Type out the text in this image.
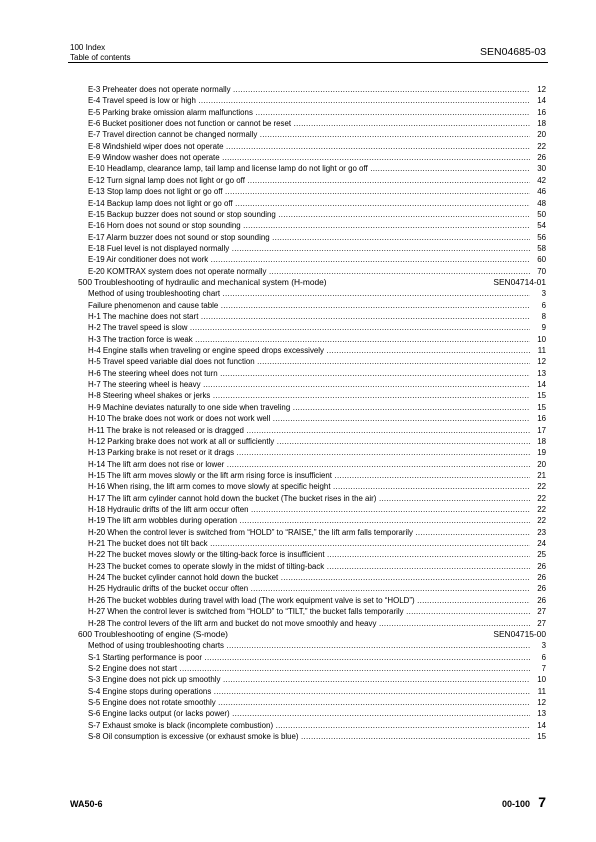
100 Index
Table of contents	SEN04685-03
E-3 Preheater does not operate normally .....	12
E-4 Travel speed is low or high .....	14
E-5 Parking brake omission alarm malfunctions .....	16
E-6 Bucket positioner does not function or cannot be reset .....	18
E-7 Travel direction cannot be changed normally .....	20
E-8 Windshield wiper does not operate .....	22
E-9 Window washer does not operate .....	26
E-10 Headlamp, clearance lamp, tail lamp and license lamp do not light or go off .....	30
E-12 Turn signal lamp does not light or go off .....	42
E-13 Stop lamp does not light or go off .....	46
E-14 Backup lamp does not light or go off .....	48
E-15 Backup buzzer does not sound or stop sounding .....	50
E-16 Horn does not sound or stop sounding .....	54
E-17 Alarm buzzer does not sound or stop sounding .....	56
E-18 Fuel level is not displayed normally .....	58
E-19 Air conditioner does not work .....	60
E-20 KOMTRAX system does not operate normally .....	70
500 Troubleshooting of hydraulic and mechanical system (H-mode)	SEN04714-01
Method of using troubleshooting chart .....	3
Failure phenomenon and cause table .....	6
H-1 The machine does not start .....	8
H-2 The travel speed is slow .....	9
H-3 The traction force is weak .....	10
H-4 Engine stalls when traveling or engine speed drops excessively .....	11
H-5 Travel speed variable dial does not function .....	12
H-6 The steering wheel does not turn .....	13
H-7 The steering wheel is heavy .....	14
H-8 Steering wheel shakes or jerks .....	15
H-9 Machine deviates naturally to one side when traveling .....	15
H-10 The brake does not work or does not work well .....	16
H-11 The brake is not released or is dragged .....	17
H-12 Parking brake does not work at all or sufficiently .....	18
H-13 Parking brake is not reset or it drags .....	19
H-14 The lift arm does not rise or lower .....	20
H-15 The lift arm moves slowly or the lift arm rising force is insufficient .....	21
H-16 When rising, the lift arm comes to move slowly at specific height .....	22
H-17 The lift arm cylinder cannot hold down the bucket (The bucket rises in the air) .....	22
H-18 Hydraulic drifts of the lift arm occur often .....	22
H-19 The lift arm wobbles during operation .....	22
H-20 When the control lever is switched from “HOLD” to “RAISE,” the lift arm falls temporarily .....	23
H-21 The bucket does not tilt back .....	24
H-22 The bucket moves slowly or the tilting-back force is insufficient .....	25
H-23 The bucket comes to operate slowly in the midst of tilting-back .....	26
H-24 The bucket cylinder cannot hold down the bucket .....	26
H-25 Hydraulic drifts of the bucket occur often .....	26
H-26 The bucket wobbles during travel with load (The work equipment valve is set to “HOLD”) .....	26
H-27 When the control lever is switched from “HOLD” to “TILT,” the bucket falls temporarily .....	27
H-28 The control levers of the lift arm and bucket do not move smoothly and heavy .....	27
600 Troubleshooting of engine (S-mode)	SEN04715-00
Method of using troubleshooting charts .....	3
S-1 Starting performance is poor .....	6
S-2 Engine does not start .....	7
S-3 Engine does not pick up smoothly .....	10
S-4 Engine stops during operations .....	11
S-5 Engine does not rotate smoothly .....	12
S-6 Engine lacks output (or lacks power) .....	13
S-7 Exhaust smoke is black (incomplete combustion) .....	14
S-8 Oil consumption is excessive (or exhaust smoke is blue) .....	15
WA50-6	00-100 7
